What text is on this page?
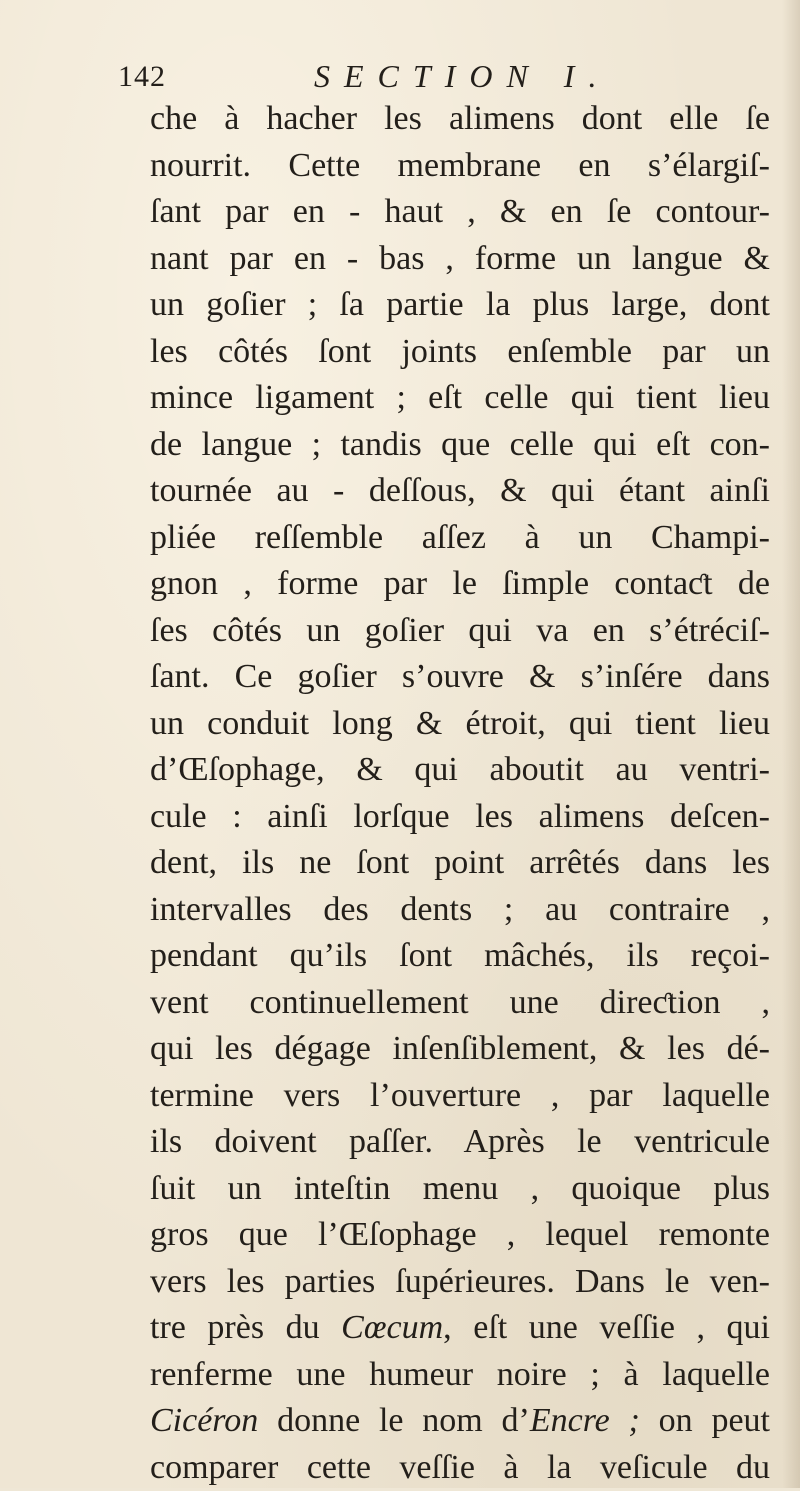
142	SECTION I.
che à hacher les alimens dont elle ſe
nourrit. Cette membrane en s’élargiſ-
ſant par en - haut , & en ſe contour-
nant par en - bas , forme un langue &
un goſier ; ſa partie la plus large, dont
les côtés ſont joints enſemble par un
mince ligament ; eſt celle qui tient lieu
de langue ; tandis que celle qui eſt con-
tournée au - deſſous, & qui étant ainſi
pliée reſſemble aſſez à un Champi-
gnon , forme par le ſimple contaƈt de
ſes côtés un goſier qui va en s’étréciſ-
ſant. Ce goſier s’ouvre & s’inſére dans
un conduit long & étroit, qui tient lieu
d’Œſophage, & qui aboutit au ventri-
cule : ainſi lorſque les alimens deſcen-
dent, ils ne ſont point arrêtés dans les
intervalles des dents ; au contraire ,
pendant qu’ils ſont mâchés, ils reçoi-
vent continuellement une direƈtion ,
qui les dégage inſenſiblement, & les dé-
termine vers l’ouverture , par laquelle
ils doivent paſſer. Après le ventricule
ſuit un inteſtin menu , quoique plus
gros que l’Œſophage , lequel remonte
vers les parties ſupérieures. Dans le ven-
tre près du Cœcum, eſt une veſſie , qui
renferme une humeur noire ; à laquelle
Cicéron donne le nom d’Encre ; on peut
comparer cette veſſie à la veſicule du
